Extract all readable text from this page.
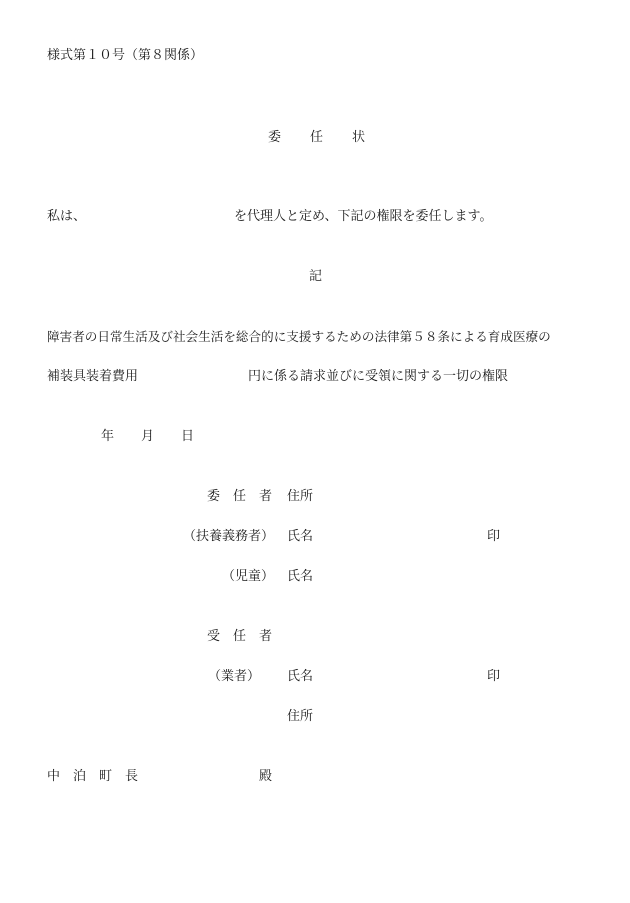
様式第１０号（第８関係）
委　　任　　状
私は、	を代理人と定め、下記の権限を委任します。
記
障害者の日常生活及び社会生活を総合的に支援するための法律第５８条による育成医療の
補装具装着費用	円に係る請求並びに受領に関する一切の権限
年 月 日
委　任　者 住所
（扶養義務者） 氏名	印
（児童） 氏名
受　任　者
（業者） 氏名	印
住所
中　泊　町　長	殿
